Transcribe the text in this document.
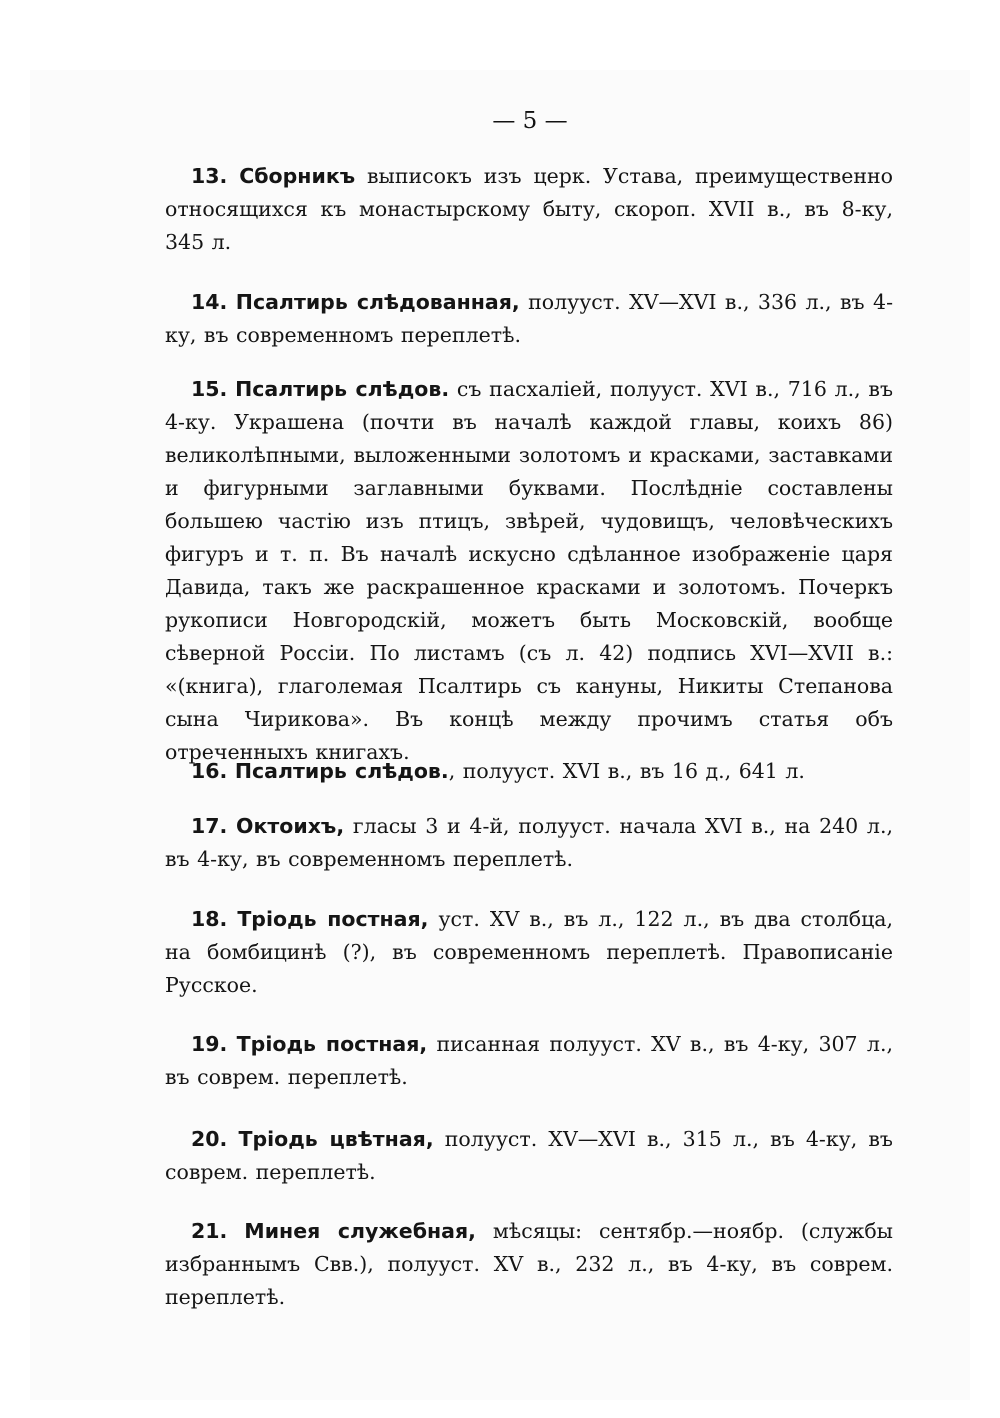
— 5 —
13. Сборникъ выписокъ изъ церк. Устава, преимущественно относящихся къ монастырскому быту, скороп. XVII в., въ 8-ку, 345 л.
14. Псалтирь слѣдованная, полууст. XV—XVI в., 336 л., въ 4-ку, въ современномъ переплетѣ.
15. Псалтирь слѣдов. съ пасхаліей, полууст. XVI в., 716 л., въ 4-ку. Украшена (почти въ началѣ каждой главы, коихъ 86) великолѣпными, выложенными золотомъ и красками, заставками и фигурными заглавными буквами. Послѣдніе составлены большею частію изъ птицъ, звѣрей, чудовищъ, человѣческихъ фигуръ и т. п. Въ началѣ искусно сдѣланное изображеніе царя Давида, такъ же раскрашенное красками и золотомъ. Почеркъ рукописи Новгородскій, можетъ быть Московскій, вообще сѣверной Россіи. По листамъ (съ л. 42) подпись XVI—XVII в.: «(книга), глаголемая Псалтирь съ кануны, Никиты Степанова сына Чирикова». Въ концѣ между прочимъ статья объ отреченныхъ книгахъ.
16. Псалтирь слѣдов., полууст. XVI в., въ 16 д., 641 л.
17. Октоихъ, гласы 3 и 4-й, полууст. начала XVI в., на 240 л., въ 4-ку, въ современномъ переплетѣ.
18. Тріодь постная, уст. XV в., въ л., 122 л., въ два столбца, на бомбицинѣ (?), въ современномъ переплетѣ. Правописаніе Русское.
19. Тріодь постная, писанная полууст. XV в., въ 4-ку, 307 л., въ соврем. переплетѣ.
20. Тріодь цвѣтная, полууст. XV—XVI в., 315 л., въ 4-ку, въ соврем. переплетѣ.
21. Минея служебная, мѣсяцы: сентябр.—ноябр. (службы избраннымъ Свв.), полууст. XV в., 232 л., въ 4-ку, въ соврем. переплетѣ.
